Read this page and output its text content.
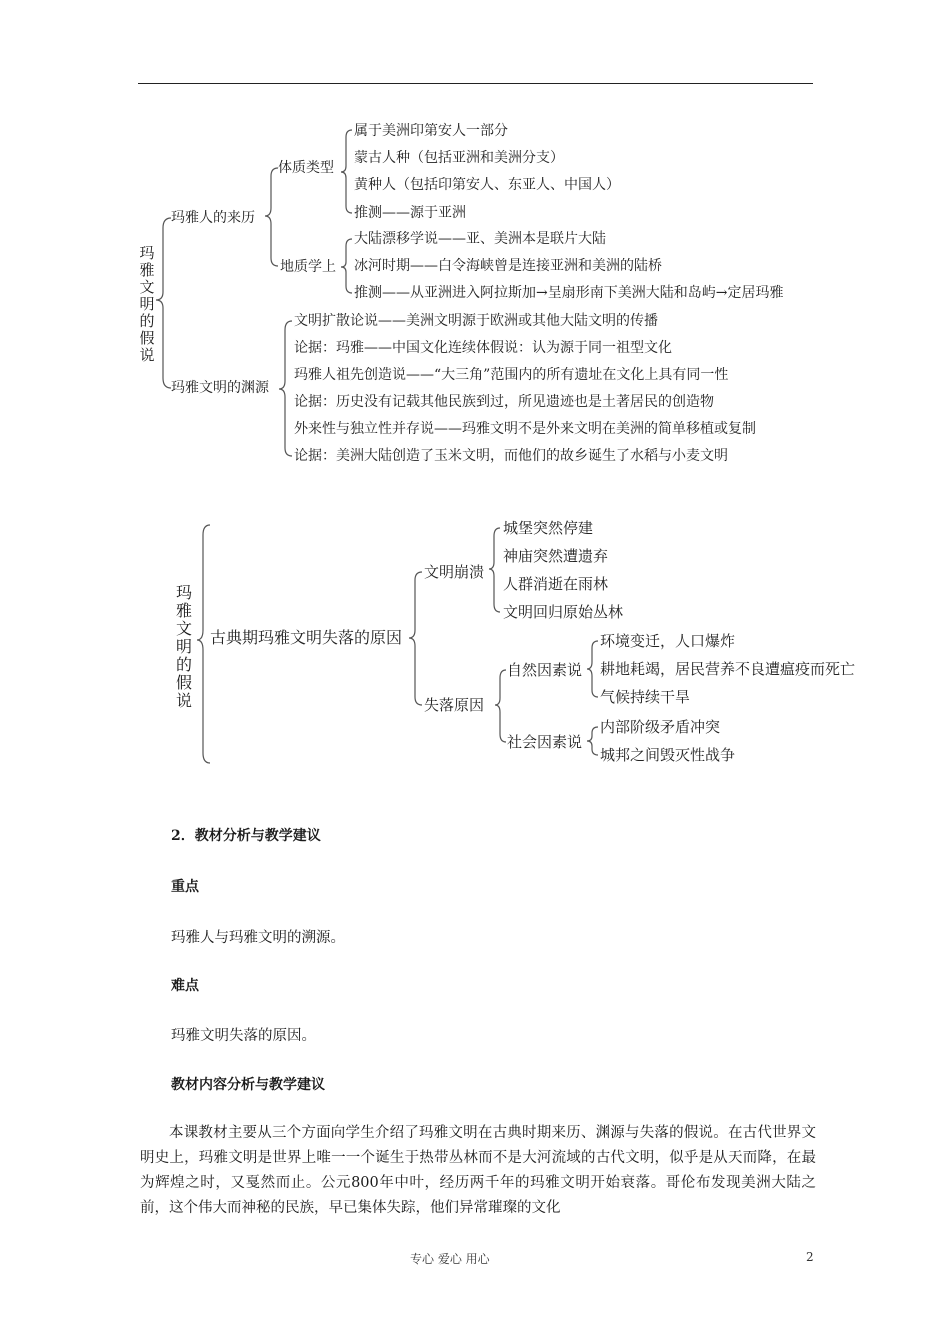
玛雅文明的假说
玛雅人的来历
体质类型
属于美洲印第安人一部分
蒙古人种（包括亚洲和美洲分支）
黄种人（包括印第安人、东亚人、中国人）
推测——源于亚洲
地质学上
大陆漂移学说——亚、美洲本是联片大陆
冰河时期——白令海峡曾是连接亚洲和美洲的陆桥
推测——从亚洲进入阿拉斯加→呈扇形南下美洲大陆和岛屿→定居玛雅
玛雅文明的渊源
文明扩散论说——美洲文明源于欧洲或其他大陆文明的传播
论据：玛雅——中国文化连续体假说：认为源于同一祖型文化
玛雅人祖先创造说——“大三角”范围内的所有遗址在文化上具有同一性
论据：历史没有记载其他民族到过，所见遗迹也是土著居民的创造物
外来性与独立性并存说——玛雅文明不是外来文明在美洲的简单移植或复制
论据：美洲大陆创造了玉米文明，而他们的故乡诞生了水稻与小麦文明
玛雅文明的假说
古典期玛雅文明失落的原因
文明崩溃
城堡突然停建
神庙突然遭遗弃
人群消逝在雨林
文明回归原始丛林
失落原因
自然因素说
环境变迁，人口爆炸
耕地耗竭，居民营养不良遭瘟疫而死亡
气候持续干旱
社会因素说
内部阶级矛盾冲突
城邦之间毁灭性战争
2．教材分析与教学建议
重点
玛雅人与玛雅文明的溯源。
难点
玛雅文明失落的原因。
教材内容分析与教学建议
本课教材主要从三个方面向学生介绍了玛雅文明在古典时期来历、渊源与失落的假说。在古代世界文明史上，玛雅文明是世界上唯一一个诞生于热带丛林而不是大河流域的古代文明，似乎是从天而降，在最为辉煌之时，又戛然而止。公元800年中叶，经历两千年的玛雅文明开始衰落。哥伦布发现美洲大陆之前，这个伟大而神秘的民族，早已集体失踪，他们异常璀璨的文化
专心 爱心 用心	2
